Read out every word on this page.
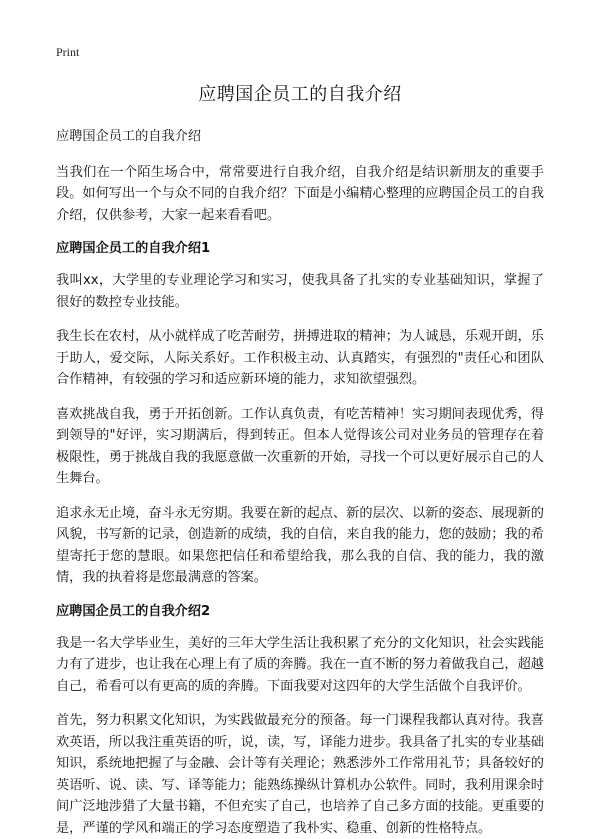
Print
应聘国企员工的自我介绍

应聘国企员工的自我介绍

当我们在一个陌生场合中，常常要进行自我介绍，自我介绍是结识新朋友的重要手段。如何写出一个与众不同的自我介绍？下面是小编精心整理的应聘国企员工的自我介绍，仅供参考，大家一起来看看吧。

应聘国企员工的自我介绍1

我叫xx，大学里的专业理论学习和实习，使我具备了扎实的专业基础知识，掌握了很好的数控专业技能。

我生长在农村，从小就样成了吃苦耐劳，拼搏进取的精神；为人诚恳，乐观开朗，乐于助人，爱交际，人际关系好。工作积极主动、认真踏实，有强烈的"责任心和团队合作精神，有较强的学习和适应新环境的能力，求知欲望强烈。

喜欢挑战自我，勇于开拓创新。工作认真负责，有吃苦精神！实习期间表现优秀，得到领导的"好评，实习期满后，得到转正。但本人觉得该公司对业务员的管理存在着极限性，勇于挑战自我的我愿意做一次重新的开始，寻找一个可以更好展示自己的人生舞台。

追求永无止境，奋斗永无穷期。我要在新的起点、新的层次、以新的姿态、展现新的风貌，书写新的记录，创造新的成绩，我的自信，来自我的能力，您的鼓励；我的希望寄托于您的慧眼。如果您把信任和希望给我，那么我的自信、我的能力，我的激情，我的执着将是您最满意的答案。

应聘国企员工的自我介绍2

我是一名大学毕业生，美好的三年大学生活让我积累了充分的文化知识，社会实践能力有了进步，也让我在心理上有了质的奔腾。我在一直不断的努力着做我自己，超越自己，希看可以有更高的质的奔腾。下面我要对这四年的大学生活做个自我评价。

首先，努力积累文化知识，为实践做最充分的预备。每一门课程我都认真对待。我喜欢英语，所以我注重英语的听，说，读，写，译能力进步。我具备了扎实的专业基础知识，系统地把握了与金融、会计等有关理论；熟悉涉外工作常用礼节；具备较好的英语听、说、读、写、译等能力；能熟练操纵计算机办公软件。同时，我利用课余时间广泛地涉猎了大量书籍，不但充实了自己，也培养了自己多方面的技能。更重要的是，严谨的学风和端正的学习态度塑造了我朴实、稳重、创新的性格特点。
